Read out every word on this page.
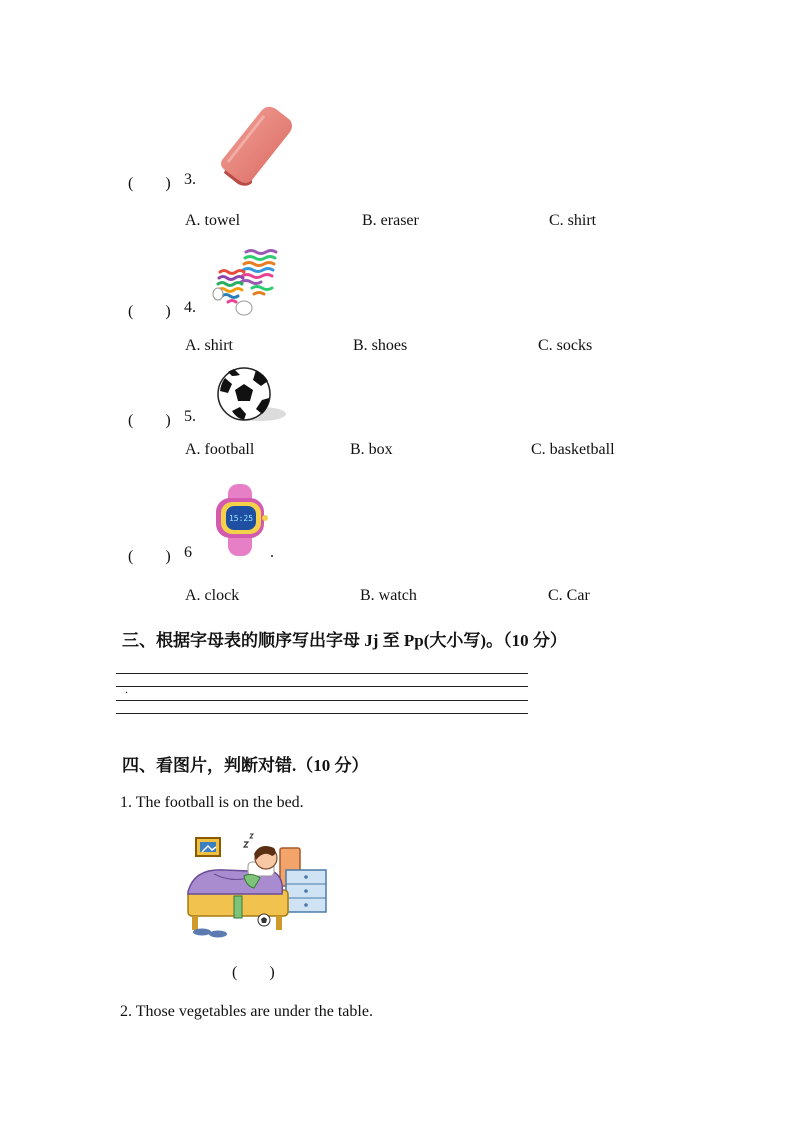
(　　) 3.
A. towel	B. eraser	C. shirt
(　　) 4.
A. shirt	B. shoes	C. socks
(　　) 5.
A. football	B. box	C. basketball
(　　) 6
15:25
.
A. clock	B. watch	C. Car
三、根据字母表的顺序写出字母 Jj 至 Pp(大小写)。（10 分）
.
四、看图片，判断对错.（10 分）
1. The football is on the bed.
(　　)
2. Those vegetables are under the table.
